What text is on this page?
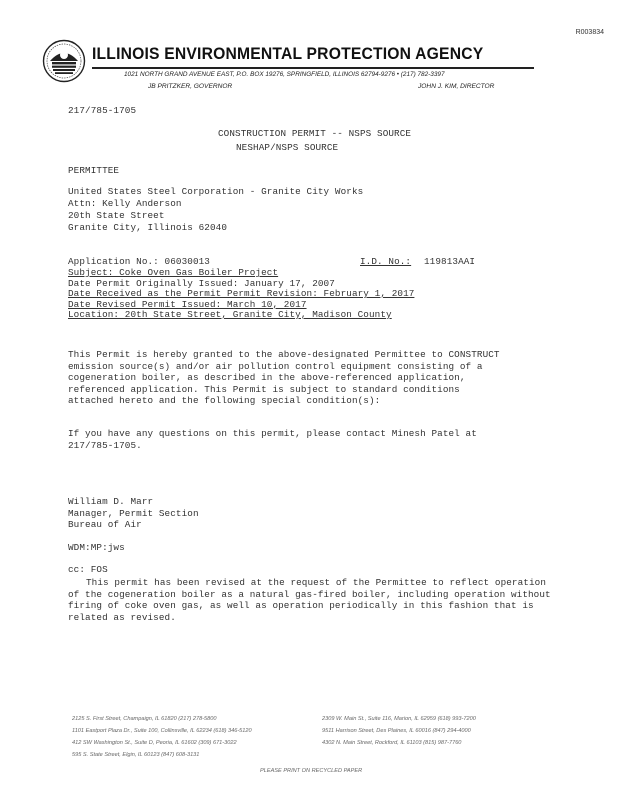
R003834
ILLINOIS ENVIRONMENTAL PROTECTION AGENCY
1021 NORTH GRAND AVENUE EAST, P.O. BOX 19276, SPRINGFIELD, ILLINOIS 62794-9276 • (217) 782-3397
JB PRITZKER, GOVERNOR	JOHN J. KIM, DIRECTOR
217/785-1705
CONSTRUCTION PERMIT -- NSPS SOURCE
NESHAP/NSPS SOURCE
PERMITTEE
United States Steel Corporation - Granite City Works
Attn: Kelly Anderson
20th State Street
Granite City, Illinois 62040
Application No.: 06030013	I.D. No.: 119813AAI
Subject: Coke Oven Gas Boiler Project
Date Permit Originally Issued: January 17, 2007
Date Received as the Permit Permit Revision: February 1, 2017
Date Revised Permit Issued: March 10, 2017
Location: 20th State Street, Granite City, Madison County
This Permit is hereby granted to the above-designated Permittee to CONSTRUCT
emission source(s) and/or air pollution control equipment consisting of a
cogeneration boiler, as described in the above-referenced application,
referenced application. This Permit is subject to standard conditions
attached hereto and the following special condition(s):
If you have any questions on this permit, please contact Minesh Patel at
217/785-1705.
William D. Marr
Manager, Permit Section
Bureau of Air
WDM:MP:jws
cc: FOS
This permit has been revised at the request of the Permittee to reflect operation
of the cogeneration boiler as a natural gas-fired boiler, including operation without
firing of coke oven gas, as well as operation periodically in this fashion that is
related as revised.
2125 S. First Street, Champaign, IL 61820 (217) 278-5800
1101 Eastport Plaza Dr., Suite 100, Collinsville, IL 62234 (618) 346-5120
412 SW Washington St., Suite D, Peoria, IL 61602 (309) 671-3022
595 S. State Street, Elgin, IL 60123 (847) 608-3131
2309 W. Main St., Suite 116, Marion, IL 62959 (618) 993-7200
9511 Harrison Street, Des Plaines, IL 60016 (847) 294-4000
4302 N. Main Street, Rockford, IL 61103 (815) 987-7760
PLEASE PRINT ON RECYCLED PAPER
